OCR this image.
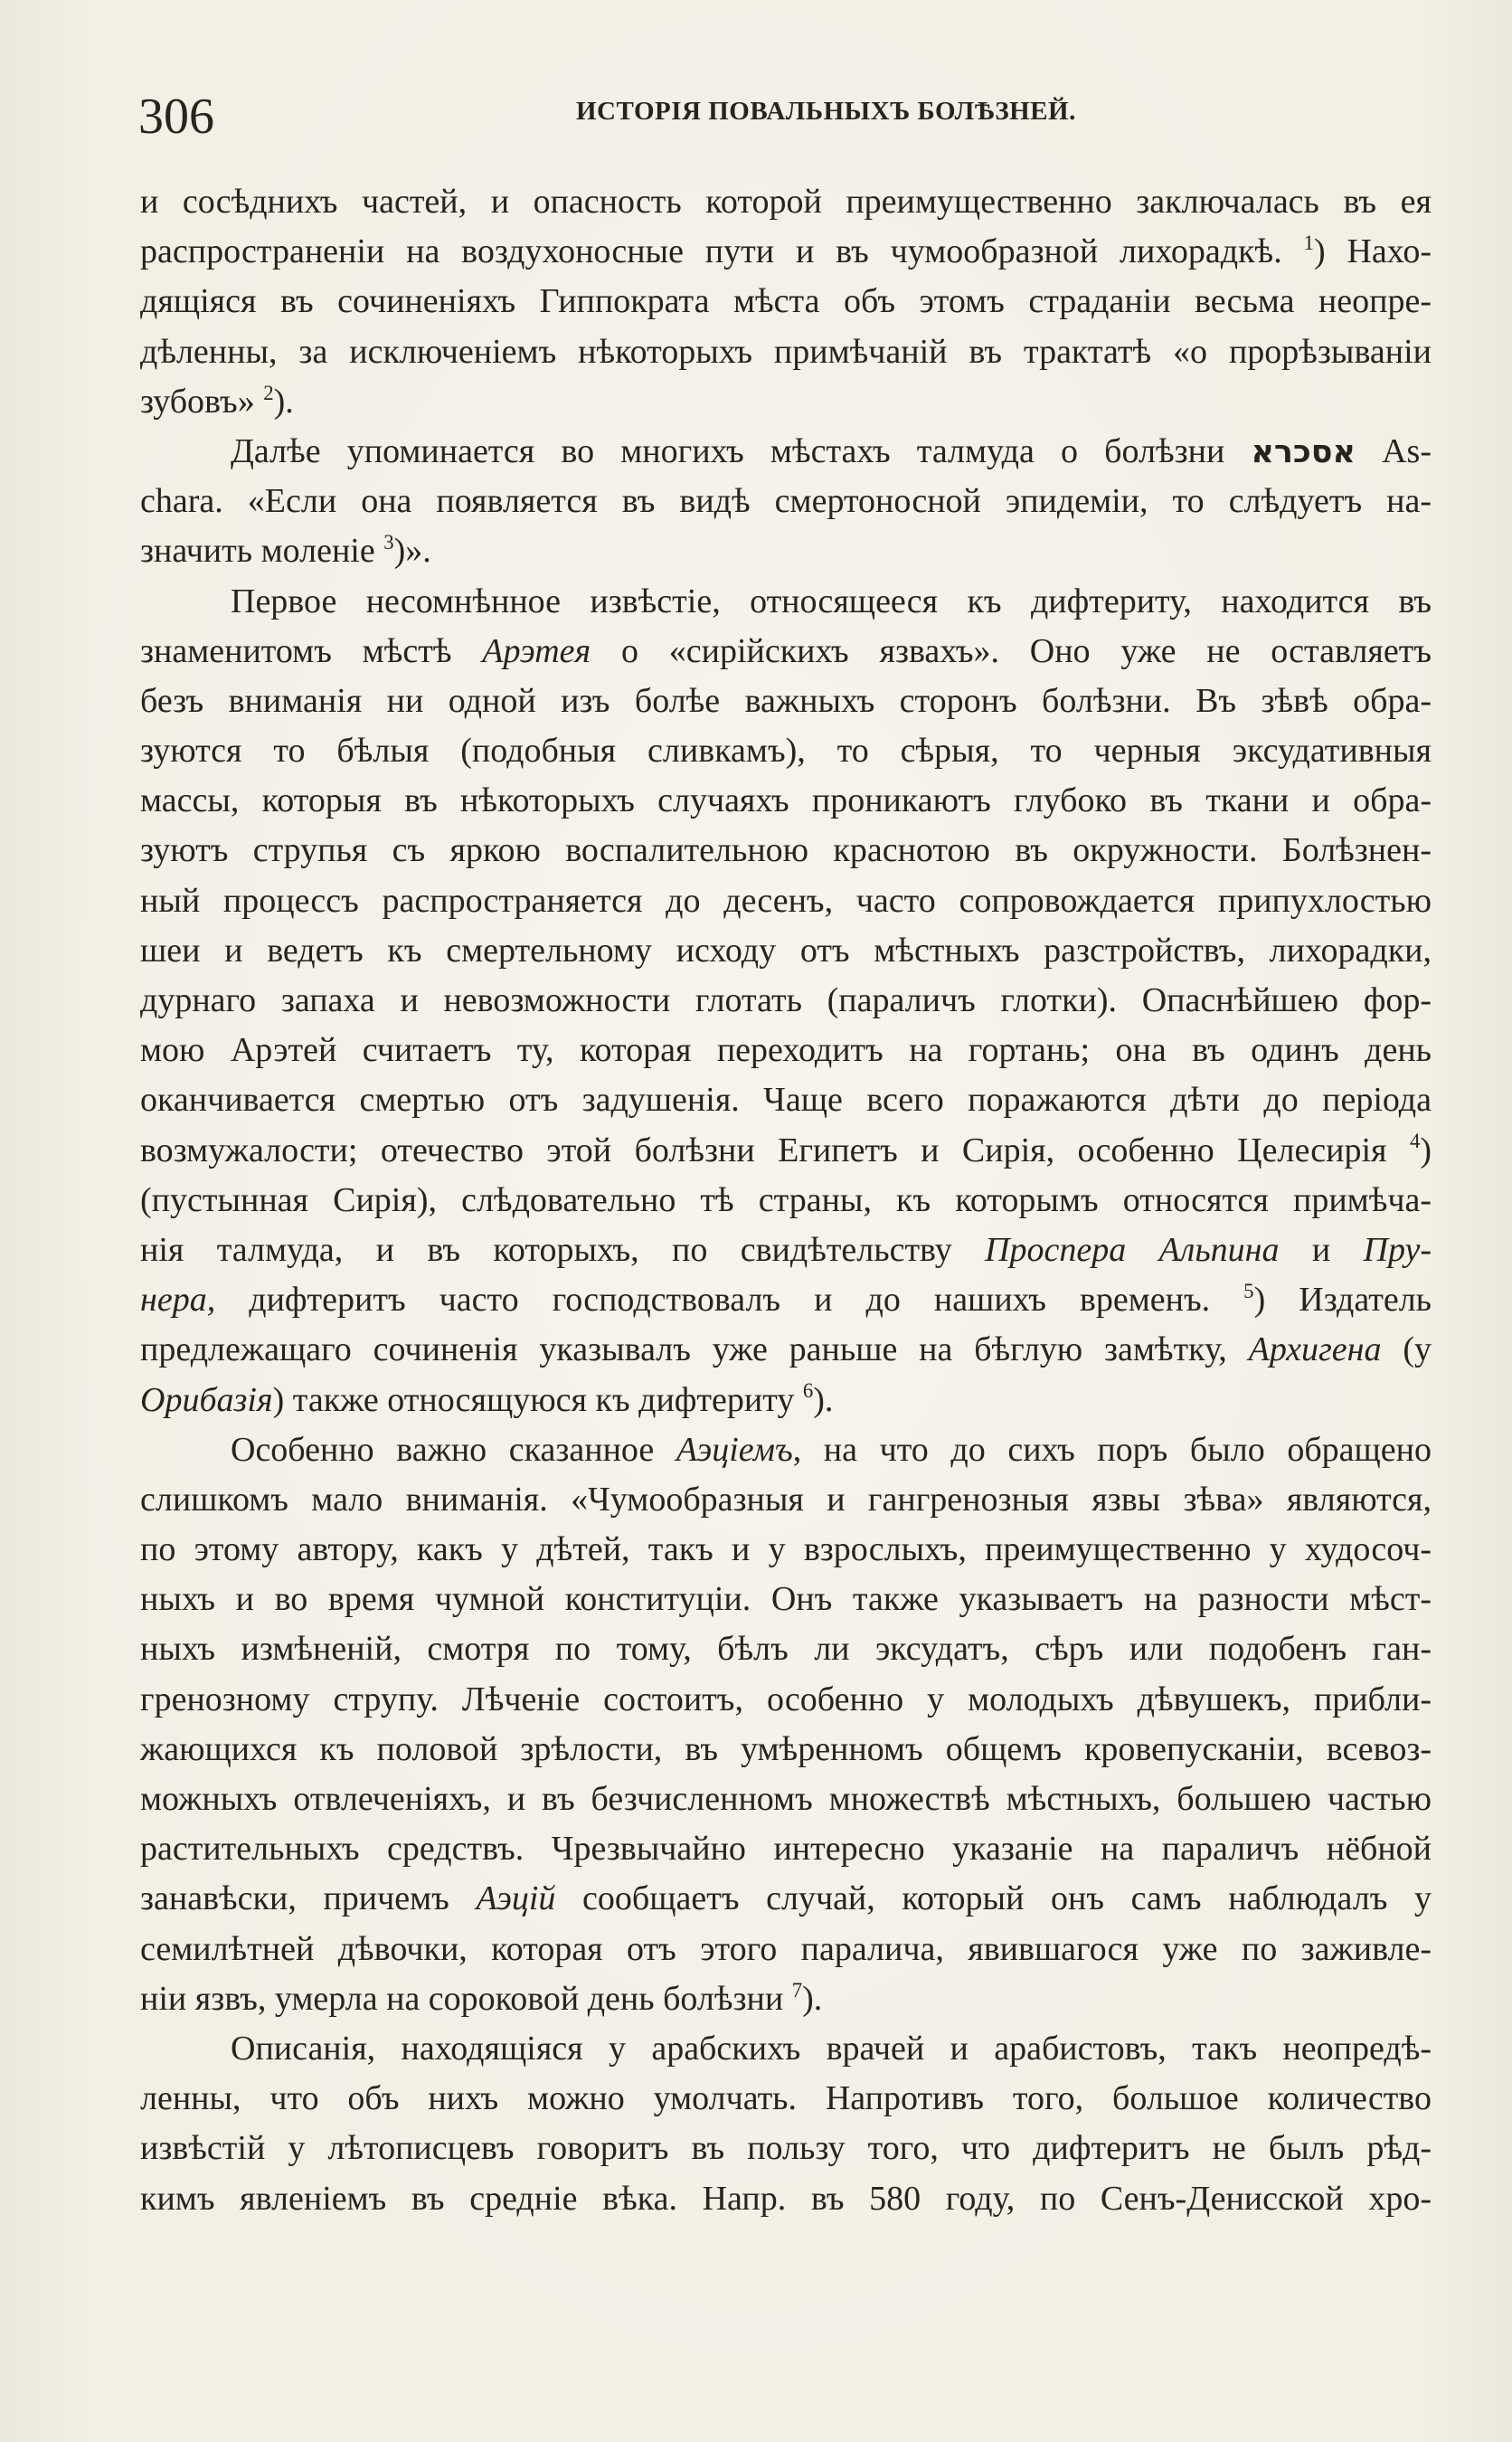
306	ИСТОРІЯ ПОВАЛЬНЫХЪ БОЛѢЗНЕЙ.
и сосѣднихъ частей, и опасность которой преимущественно заключалась въ ея
распространеніи на воздухоносные пути и въ чумообразной лихорадкѣ. $^1$) Нахо-
дящіяся въ сочиненіяхъ Гиппократа мѣста объ этомъ страданіи весьма неопре-
дѣленны, за исключеніемъ нѣкоторыхъ примѣчаній въ трактатѣ «о прорѣзываніи
зубовъ» $^2$).
Далѣе упоминается во многихъ мѣстахъ талмуда о болѣзни אסכרא As-
chara. «Если она появляется въ видѣ смертоносной эпидеміи, то слѣдуетъ на-
значить моленіе $^3$)».
Первое несомнѣнное извѣстіе, относящееся къ дифтериту, находится въ
знаменитомъ мѣстѣ Арэтея о «сирійскихъ язвахъ». Оно уже не оставляетъ
безъ вниманія ни одной изъ болѣе важныхъ сторонъ болѣзни. Въ зѣвѣ обра-
зуются то бѣлыя (подобныя сливкамъ), то сѣрыя, то черныя эксудативныя
массы, которыя въ нѣкоторыхъ случаяхъ проникаютъ глубоко въ ткани и обра-
зуютъ струпья съ яркою воспалительною краснотою въ окружности. Болѣзнен-
ный процессъ распространяется до десенъ, часто сопровождается припухлостью
шеи и ведетъ къ смертельному исходу отъ мѣстныхъ разстройствъ, лихорадки,
дурнаго запаха и невозможности глотать (параличъ глотки). Опаснѣйшею фор-
мою Арэтей считаетъ ту, которая переходитъ на гортань; она въ одинъ день
оканчивается смертью отъ задушенія. Чаще всего поражаются дѣти до періода
возмужалости; отечество этой болѣзни Египетъ и Сирія, особенно Целесирія $^4$)
(пустынная Сирія), слѣдовательно тѣ страны, къ которымъ относятся примѣча-
нія талмуда, и въ которыхъ, по свидѣтельству Проспера Альпина и Пру-
нера, дифтеритъ часто господствовалъ и до нашихъ временъ. $^5$) Издатель
предлежащаго сочиненія указывалъ уже раньше на бѣглую замѣтку, Архигена (у
Орибазія) также относящуюся къ дифтериту $^6$).
Особенно важно сказанное Аэціемъ, на что до сихъ поръ было обращено
слишкомъ мало вниманія. «Чумообразныя и гангренозныя язвы зѣва» являются,
по этому автору, какъ у дѣтей, такъ и у взрослыхъ, преимущественно у худосоч-
ныхъ и во время чумной конституціи. Онъ также указываетъ на разности мѣст-
ныхъ измѣненій, смотря по тому, бѣлъ ли эксудатъ, сѣръ или подобенъ ган-
гренозному струпу. Лѣченіе состоитъ, особенно у молодыхъ дѣвушекъ, прибли-
жающихся къ половой зрѣлости, въ умѣренномъ общемъ кровепусканіи, всевоз-
можныхъ отвлеченіяхъ, и въ безчисленномъ множествѣ мѣстныхъ, большею частью
растительныхъ средствъ. Чрезвычайно интересно указаніе на параличъ нёбной
занавѣски, причемъ Аэцій сообщаетъ случай, который онъ самъ наблюдалъ у
семилѣтней дѣвочки, которая отъ этого паралича, явившагося уже по заживле-
ніи язвъ, умерла на сороковой день болѣзни $^7$).
Описанія, находящіяся у арабскихъ врачей и арабистовъ, такъ неопредѣ-
ленны, что объ нихъ можно умолчать. Напротивъ того, большое количество
извѣстій у лѣтописцевъ говоритъ въ пользу того, что дифтеритъ не былъ рѣд-
кимъ явленіемъ въ средніе вѣка. Напр. въ 580 году, по Сенъ-Денисской хро-
